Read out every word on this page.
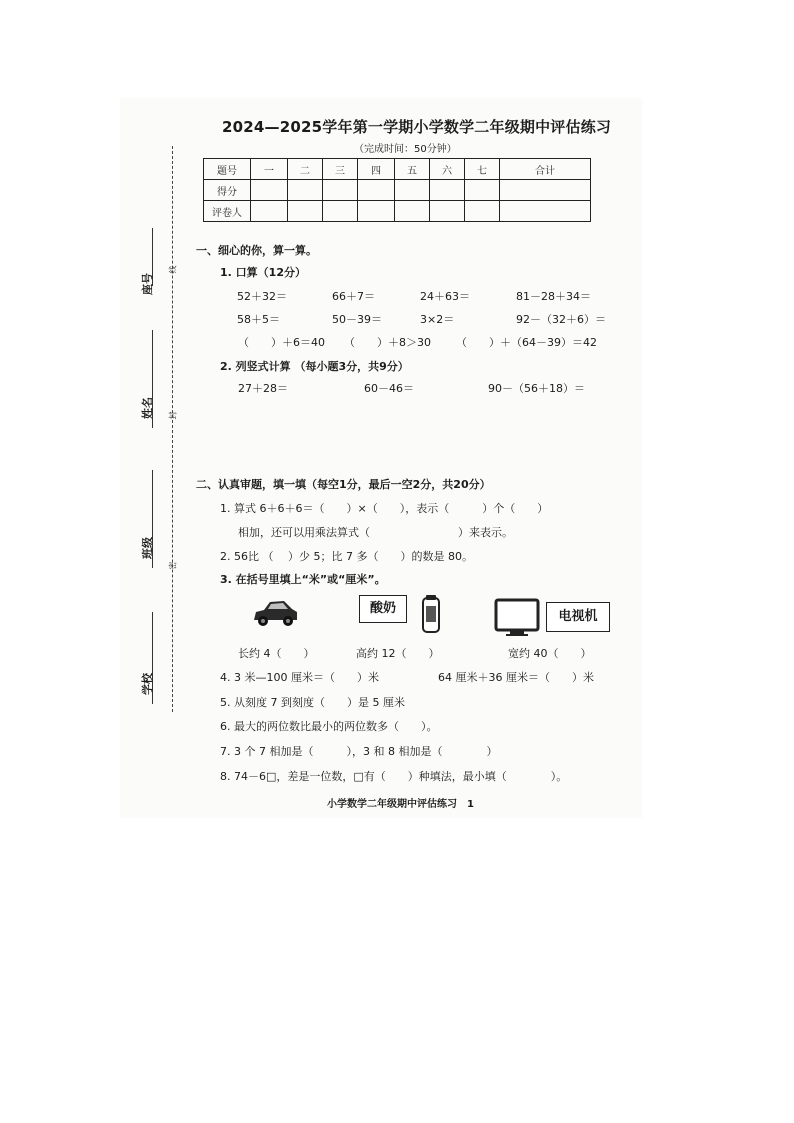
座号
姓名
班级
学校
线
封
密
2024—2025学年第一学期小学数学二年级期中评估练习
（完成时间：50分钟）
题号	一	二	三	四	五	六	七	合计
得分								
评卷人								
一、细心的你，算一算。
1. 口算（12分）
52＋32＝	66＋7＝	24＋63＝	81－28＋34＝
58＋5＝	50－39＝	3×2＝	92－（32＋6）＝
（　　）＋6＝40 （　　）＋8＞30 （　　）＋（64－39）＝42
2. 列竖式计算 （每小题3分，共9分）
27＋28＝	60－46＝	90－（56＋18）＝
二、认真审题，填一填（每空1分，最后一空2分，共20分）
1. 算式 6＋6＋6＝（　　）×（　　），表示（　　　）个（　　）
相加，还可以用乘法算式（　　　　　　　　）来表示。
2. 56比 （　 ）少 5；比 7 多（　　）的数是 80。
3. 在括号里填上“米”或“厘米”。
酸奶
电视机
长约 4（　　）	高约 12（　　）	宽约 40（　　）
4. 3 米—100 厘米＝（　　）米	64 厘米＋36 厘米＝（　　）米
5. 从刻度 7 到刻度（　　）是 5 厘米
6. 最大的两位数比最小的两位数多（　　）。
7. 3 个 7 相加是（　　　），3 和 8 相加是（　　　　）
8. 74－6□，差是一位数，□有（　　）种填法，最小填（　　　　）。
小学数学二年级期中评估练习　1
